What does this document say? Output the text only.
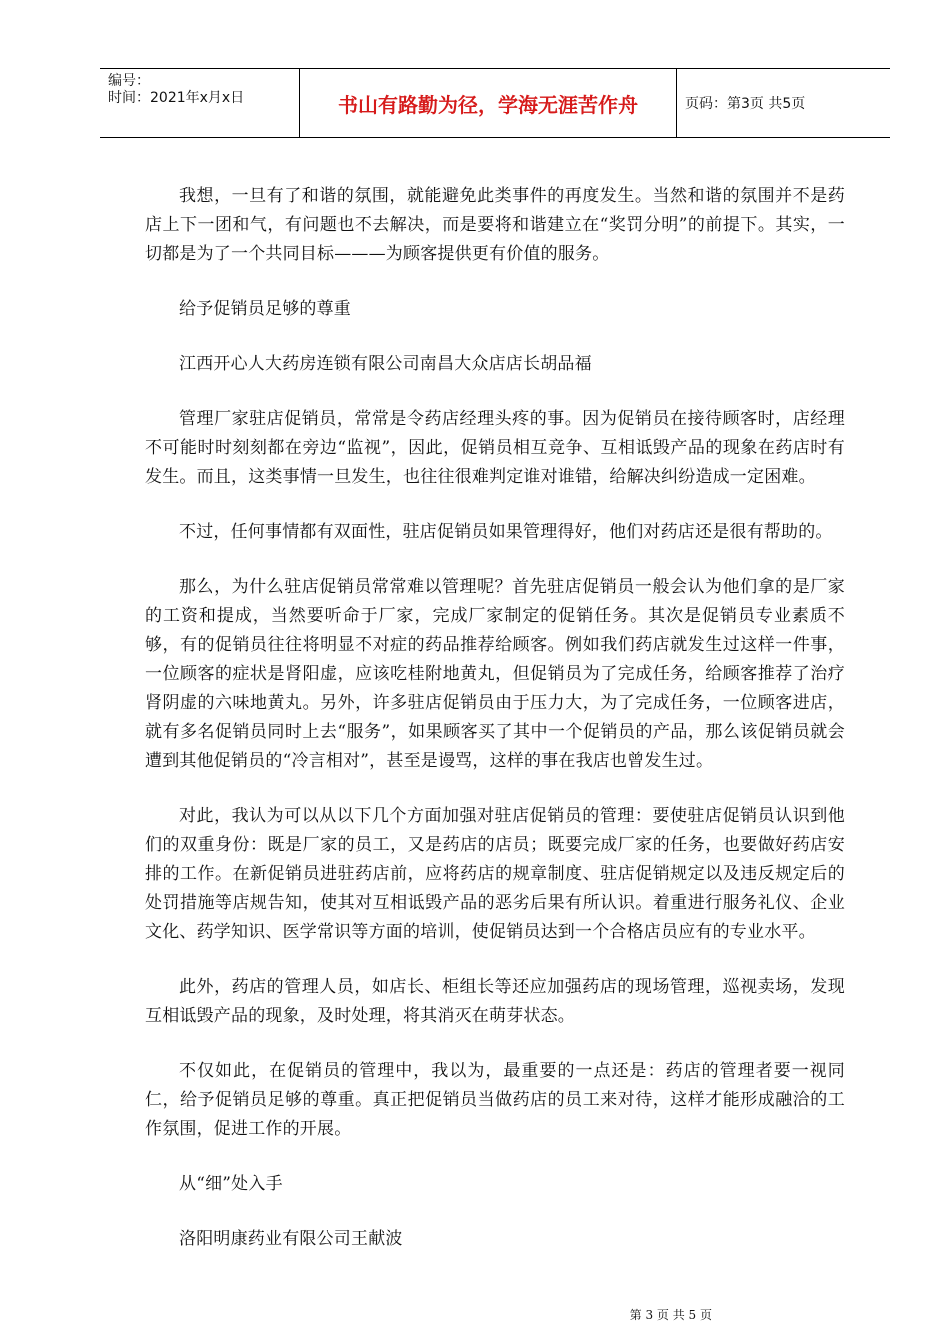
编号：
时间：2021年x月x日	书山有路勤为径，学海无涯苦作舟	页码：第3页 共5页

我想，一旦有了和谐的氛围，就能避免此类事件的再度发生。当然和谐的氛围并不是药店上下一团和气，有问题也不去解决，而是要将和谐建立在“奖罚分明”的前提下。其实，一切都是为了一个共同目标———为顾客提供更有价值的服务。

给予促销员足够的尊重

江西开心人大药房连锁有限公司南昌大众店店长胡品福

管理厂家驻店促销员，常常是令药店经理头疼的事。因为促销员在接待顾客时，店经理不可能时时刻刻都在旁边“监视”，因此，促销员相互竞争、互相诋毁产品的现象在药店时有发生。而且，这类事情一旦发生，也往往很难判定谁对谁错，给解决纠纷造成一定困难。

不过，任何事情都有双面性，驻店促销员如果管理得好，他们对药店还是很有帮助的。

那么，为什么驻店促销员常常难以管理呢？首先驻店促销员一般会认为他们拿的是厂家的工资和提成，当然要听命于厂家，完成厂家制定的促销任务。其次是促销员专业素质不够，有的促销员往往将明显不对症的药品推荐给顾客。例如我们药店就发生过这样一件事，一位顾客的症状是肾阳虚，应该吃桂附地黄丸，但促销员为了完成任务，给顾客推荐了治疗肾阴虚的六味地黄丸。另外，许多驻店促销员由于压力大，为了完成任务，一位顾客进店，就有多名促销员同时上去“服务”，如果顾客买了其中一个促销员的产品，那么该促销员就会遭到其他促销员的“冷言相对”，甚至是谩骂，这样的事在我店也曾发生过。

对此，我认为可以从以下几个方面加强对驻店促销员的管理：要使驻店促销员认识到他们的双重身份：既是厂家的员工，又是药店的店员；既要完成厂家的任务，也要做好药店安排的工作。在新促销员进驻药店前，应将药店的规章制度、驻店促销规定以及违反规定后的处罚措施等店规告知，使其对互相诋毁产品的恶劣后果有所认识。着重进行服务礼仪、企业文化、药学知识、医学常识等方面的培训，使促销员达到一个合格店员应有的专业水平。

此外，药店的管理人员，如店长、柜组长等还应加强药店的现场管理，巡视卖场，发现互相诋毁产品的现象，及时处理，将其消灭在萌芽状态。

不仅如此，在促销员的管理中，我以为，最重要的一点还是：药店的管理者要一视同仁，给予促销员足够的尊重。真正把促销员当做药店的员工来对待，这样才能形成融洽的工作氛围，促进工作的开展。

从“细”处入手

洛阳明康药业有限公司王献波

第 3 页 共 5 页
